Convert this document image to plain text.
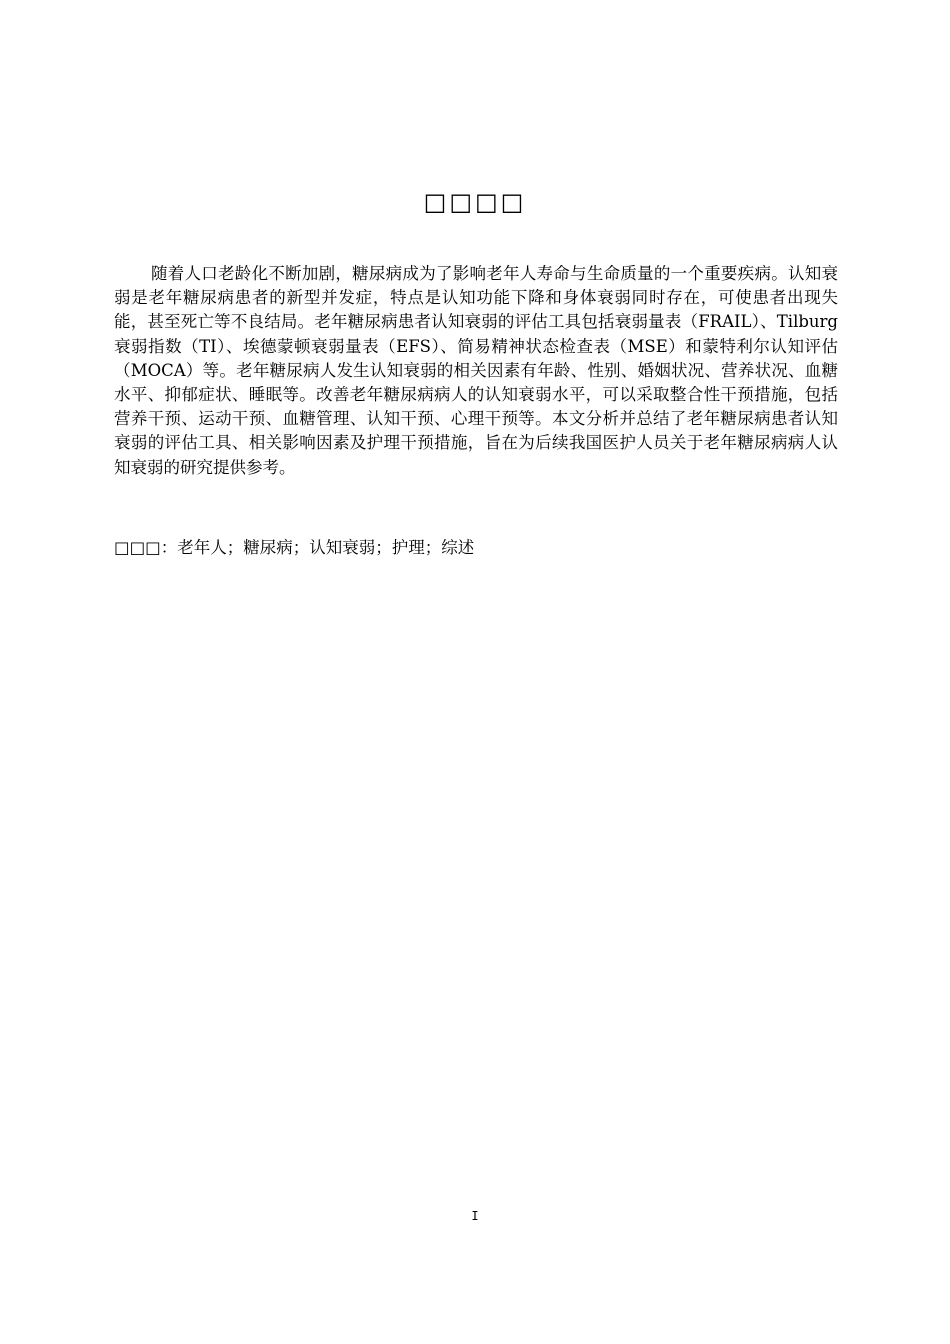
□□□□

随着人口老龄化不断加剧，糖尿病成为了影响老年人寿命与生命质量的一个重要疾病。认知衰弱是老年糖尿病患者的新型并发症，特点是认知功能下降和身体衰弱同时存在，可使患者出现失能，甚至死亡等不良结局。老年糖尿病患者认知衰弱的评估工具包括衰弱量表（FRAIL）、Tilburg衰弱指数（TI）、埃德蒙顿衰弱量表（EFS）、简易精神状态检查表（MSE）和蒙特利尔认知评估（MOCA）等。老年糖尿病人发生认知衰弱的相关因素有年龄、性别、婚姻状况、营养状况、血糖水平、抑郁症状、睡眠等。改善老年糖尿病病人的认知衰弱水平，可以采取整合性干预措施，包括营养干预、运动干预、血糖管理、认知干预、心理干预等。本文分析并总结了老年糖尿病患者认知衰弱的评估工具、相关影响因素及护理干预措施，旨在为后续我国医护人员关于老年糖尿病病人认知衰弱的研究提供参考。

□□□：老年人；糖尿病；认知衰弱；护理；综述

I
